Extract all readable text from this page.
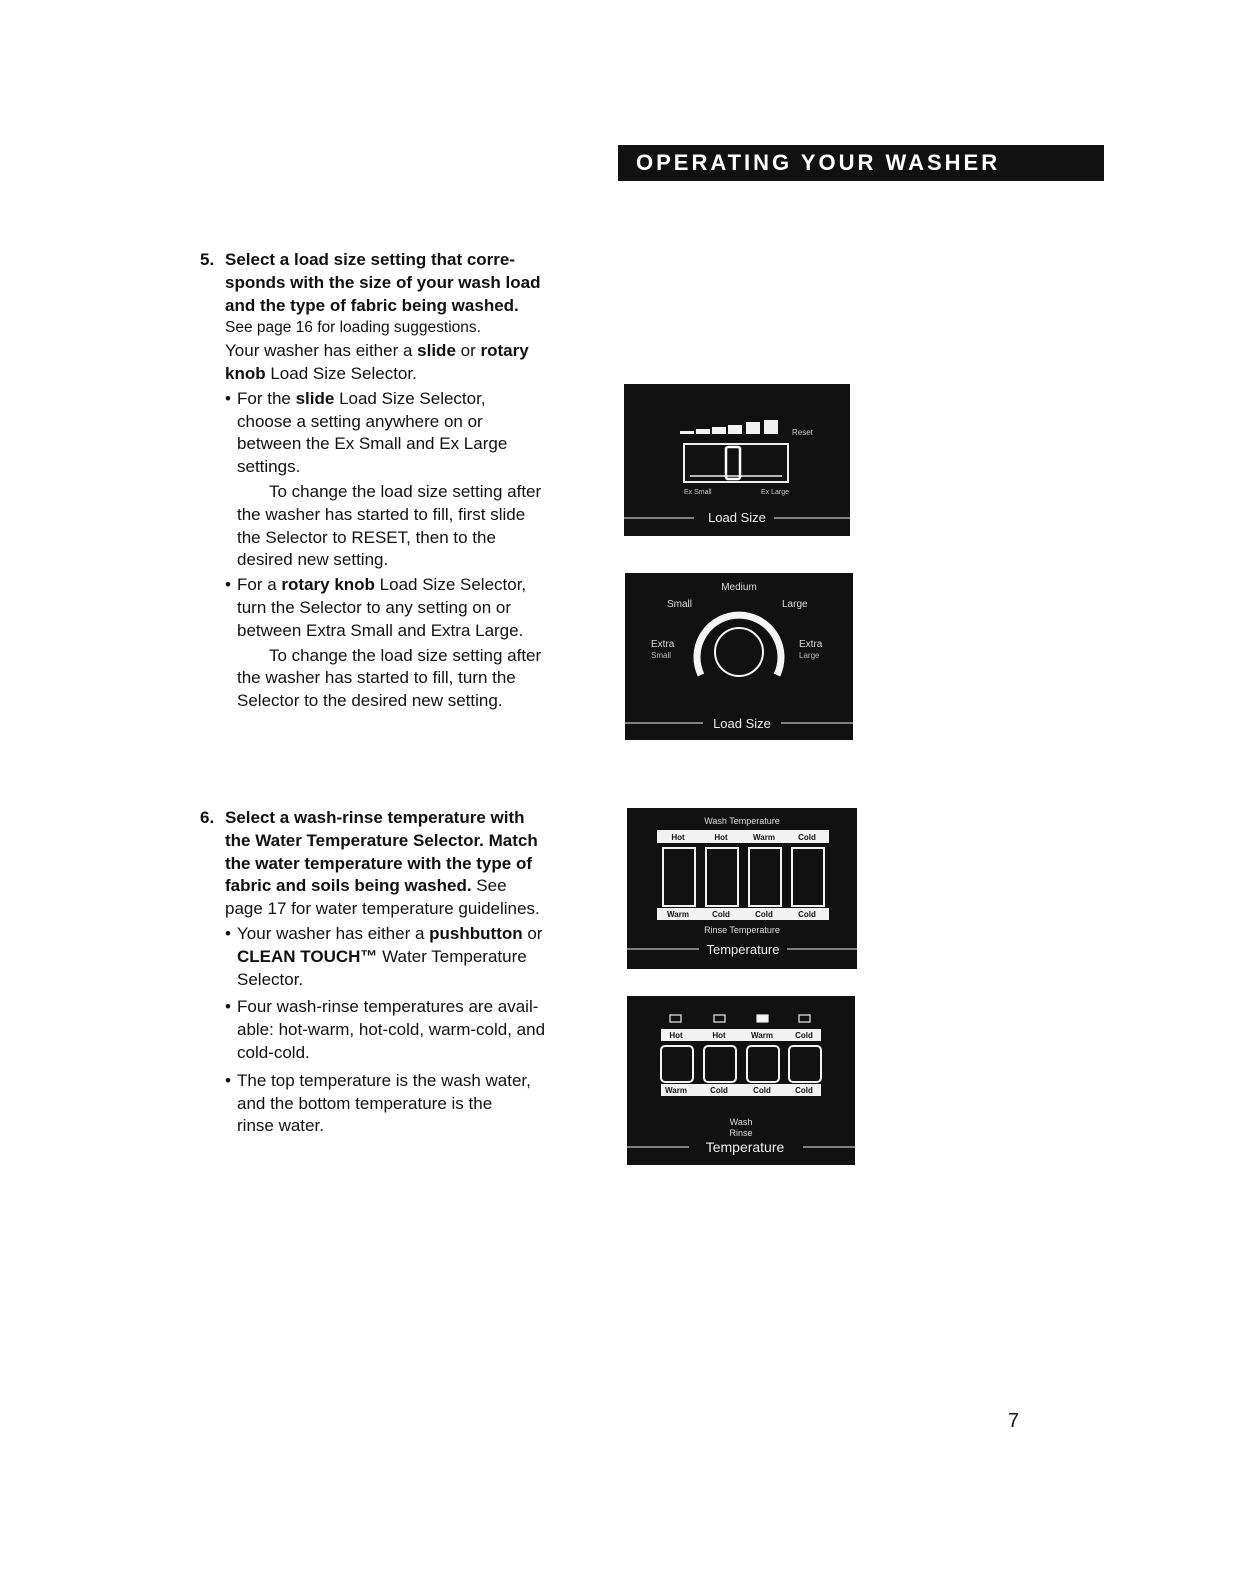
OPERATING YOUR WASHER
5. Select a load size setting that corre-
sponds with the size of your wash load
and the type of fabric being washed.
See page 16 for loading suggestions.
Your washer has either a slide or rotary
knob Load Size Selector.
• For the slide Load Size Selector,
choose a setting anywhere on or
between the Ex Small and Ex Large
settings.
To change the load size setting after
the washer has started to fill, first slide
the Selector to RESET, then to the
desired new setting.
• For a rotary knob Load Size Selector,
turn the Selector to any setting on or
between Extra Small and Extra Large.
To change the load size setting after
the washer has started to fill, turn the
Selector to the desired new setting.
6. Select a wash-rinse temperature with
the Water Temperature Selector. Match
the water temperature with the type of
fabric and soils being washed. See
page 17 for water temperature guidelines.
• Your washer has either a pushbutton or
CLEAN TOUCH™ Water Temperature
Selector.
• Four wash-rinse temperatures are avail-
able: hot-warm, hot-cold, warm-cold, and
cold-cold.
• The top temperature is the wash water,
and the bottom temperature is the
rinse water.
Reset
Ex Small	Ex Large
Load Size
Medium
Small	Large
Extra
Small
Extra
Large
Load Size
Wash Temperature
Hot	Hot	Warm	Cold
Warm	Cold	Cold	Cold
Rinse Temperature
Temperature
Hot	Hot	Warm	Cold
Warm	Cold	Cold	Cold
Wash
Rinse
Temperature
7
